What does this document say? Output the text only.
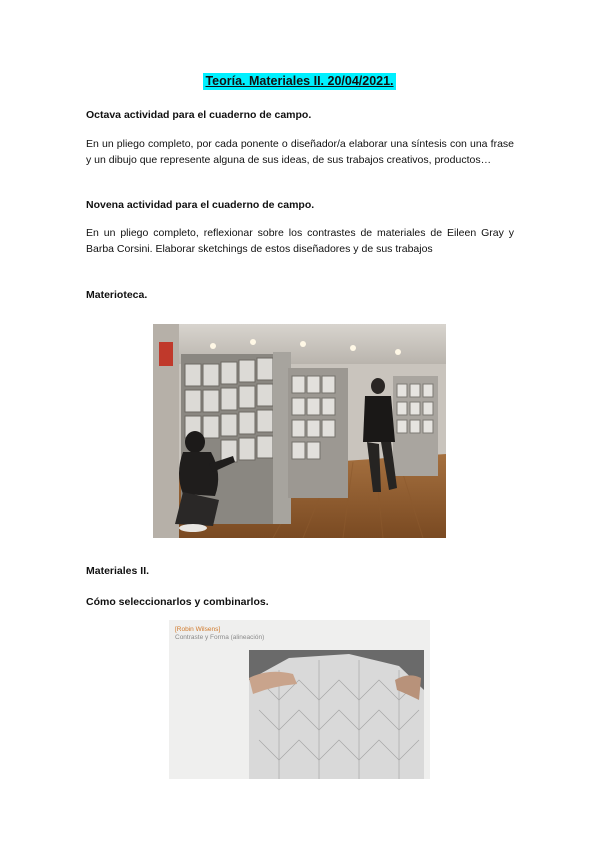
Teoría. Materiales II. 20/04/2021.
Octava actividad para el cuaderno de campo.
En un pliego completo, por cada ponente o diseñador/a elaborar una síntesis con una frase y un dibujo que represente alguna de sus ideas, de sus trabajos creativos, productos…
Novena actividad para el cuaderno de campo.
En un pliego completo, reflexionar sobre los contrastes de materiales de Eileen Gray y Barba Corsini. Elaborar sketchings de estos diseñadores y de sus trabajos
Materioteca.
Materiales II.
Cómo seleccionarlos y combinarlos.
[Robin Wilsens]
Contraste y Forma (alineación)
